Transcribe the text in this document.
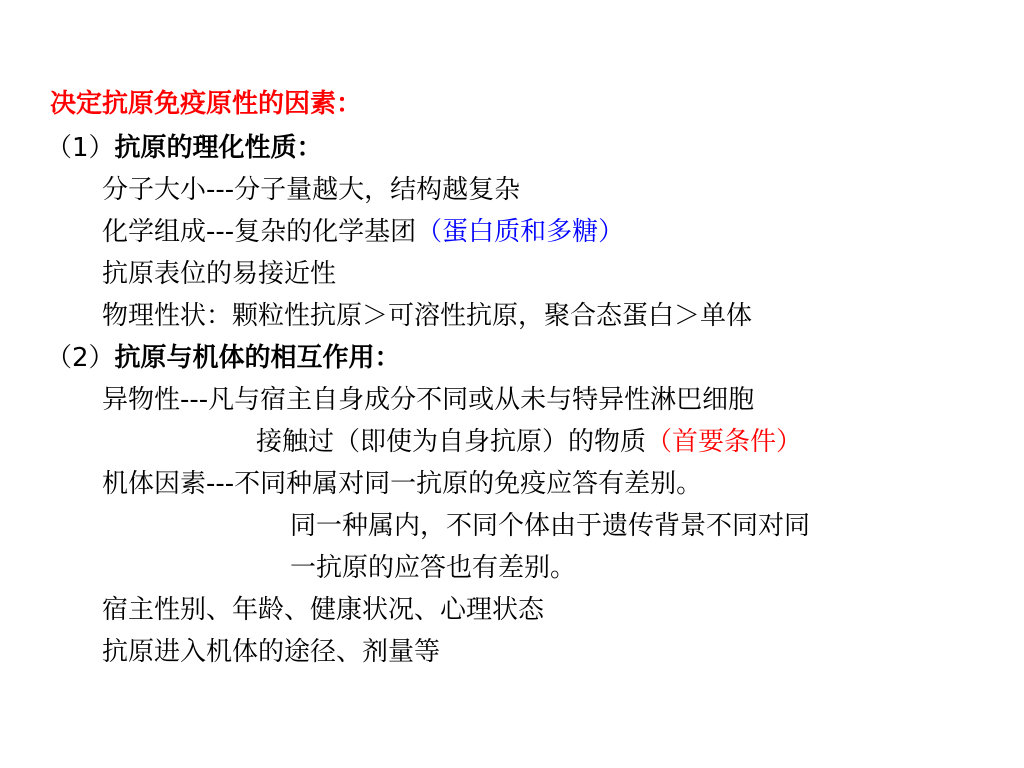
决定抗原免疫原性的因素：
（1）抗原的理化性质：
分子大小---分子量越大，结构越复杂
化学组成---复杂的化学基团（蛋白质和多糖）
抗原表位的易接近性
物理性状：颗粒性抗原＞可溶性抗原，聚合态蛋白＞单体
（2）抗原与机体的相互作用：
异物性---凡与宿主自身成分不同或从未与特异性淋巴细胞
接触过（即使为自身抗原）的物质（首要条件）
机体因素---不同种属对同一抗原的免疫应答有差别。
同一种属内，不同个体由于遗传背景不同对同
一抗原的应答也有差别。
宿主性别、年龄、健康状况、心理状态
抗原进入机体的途径、剂量等
